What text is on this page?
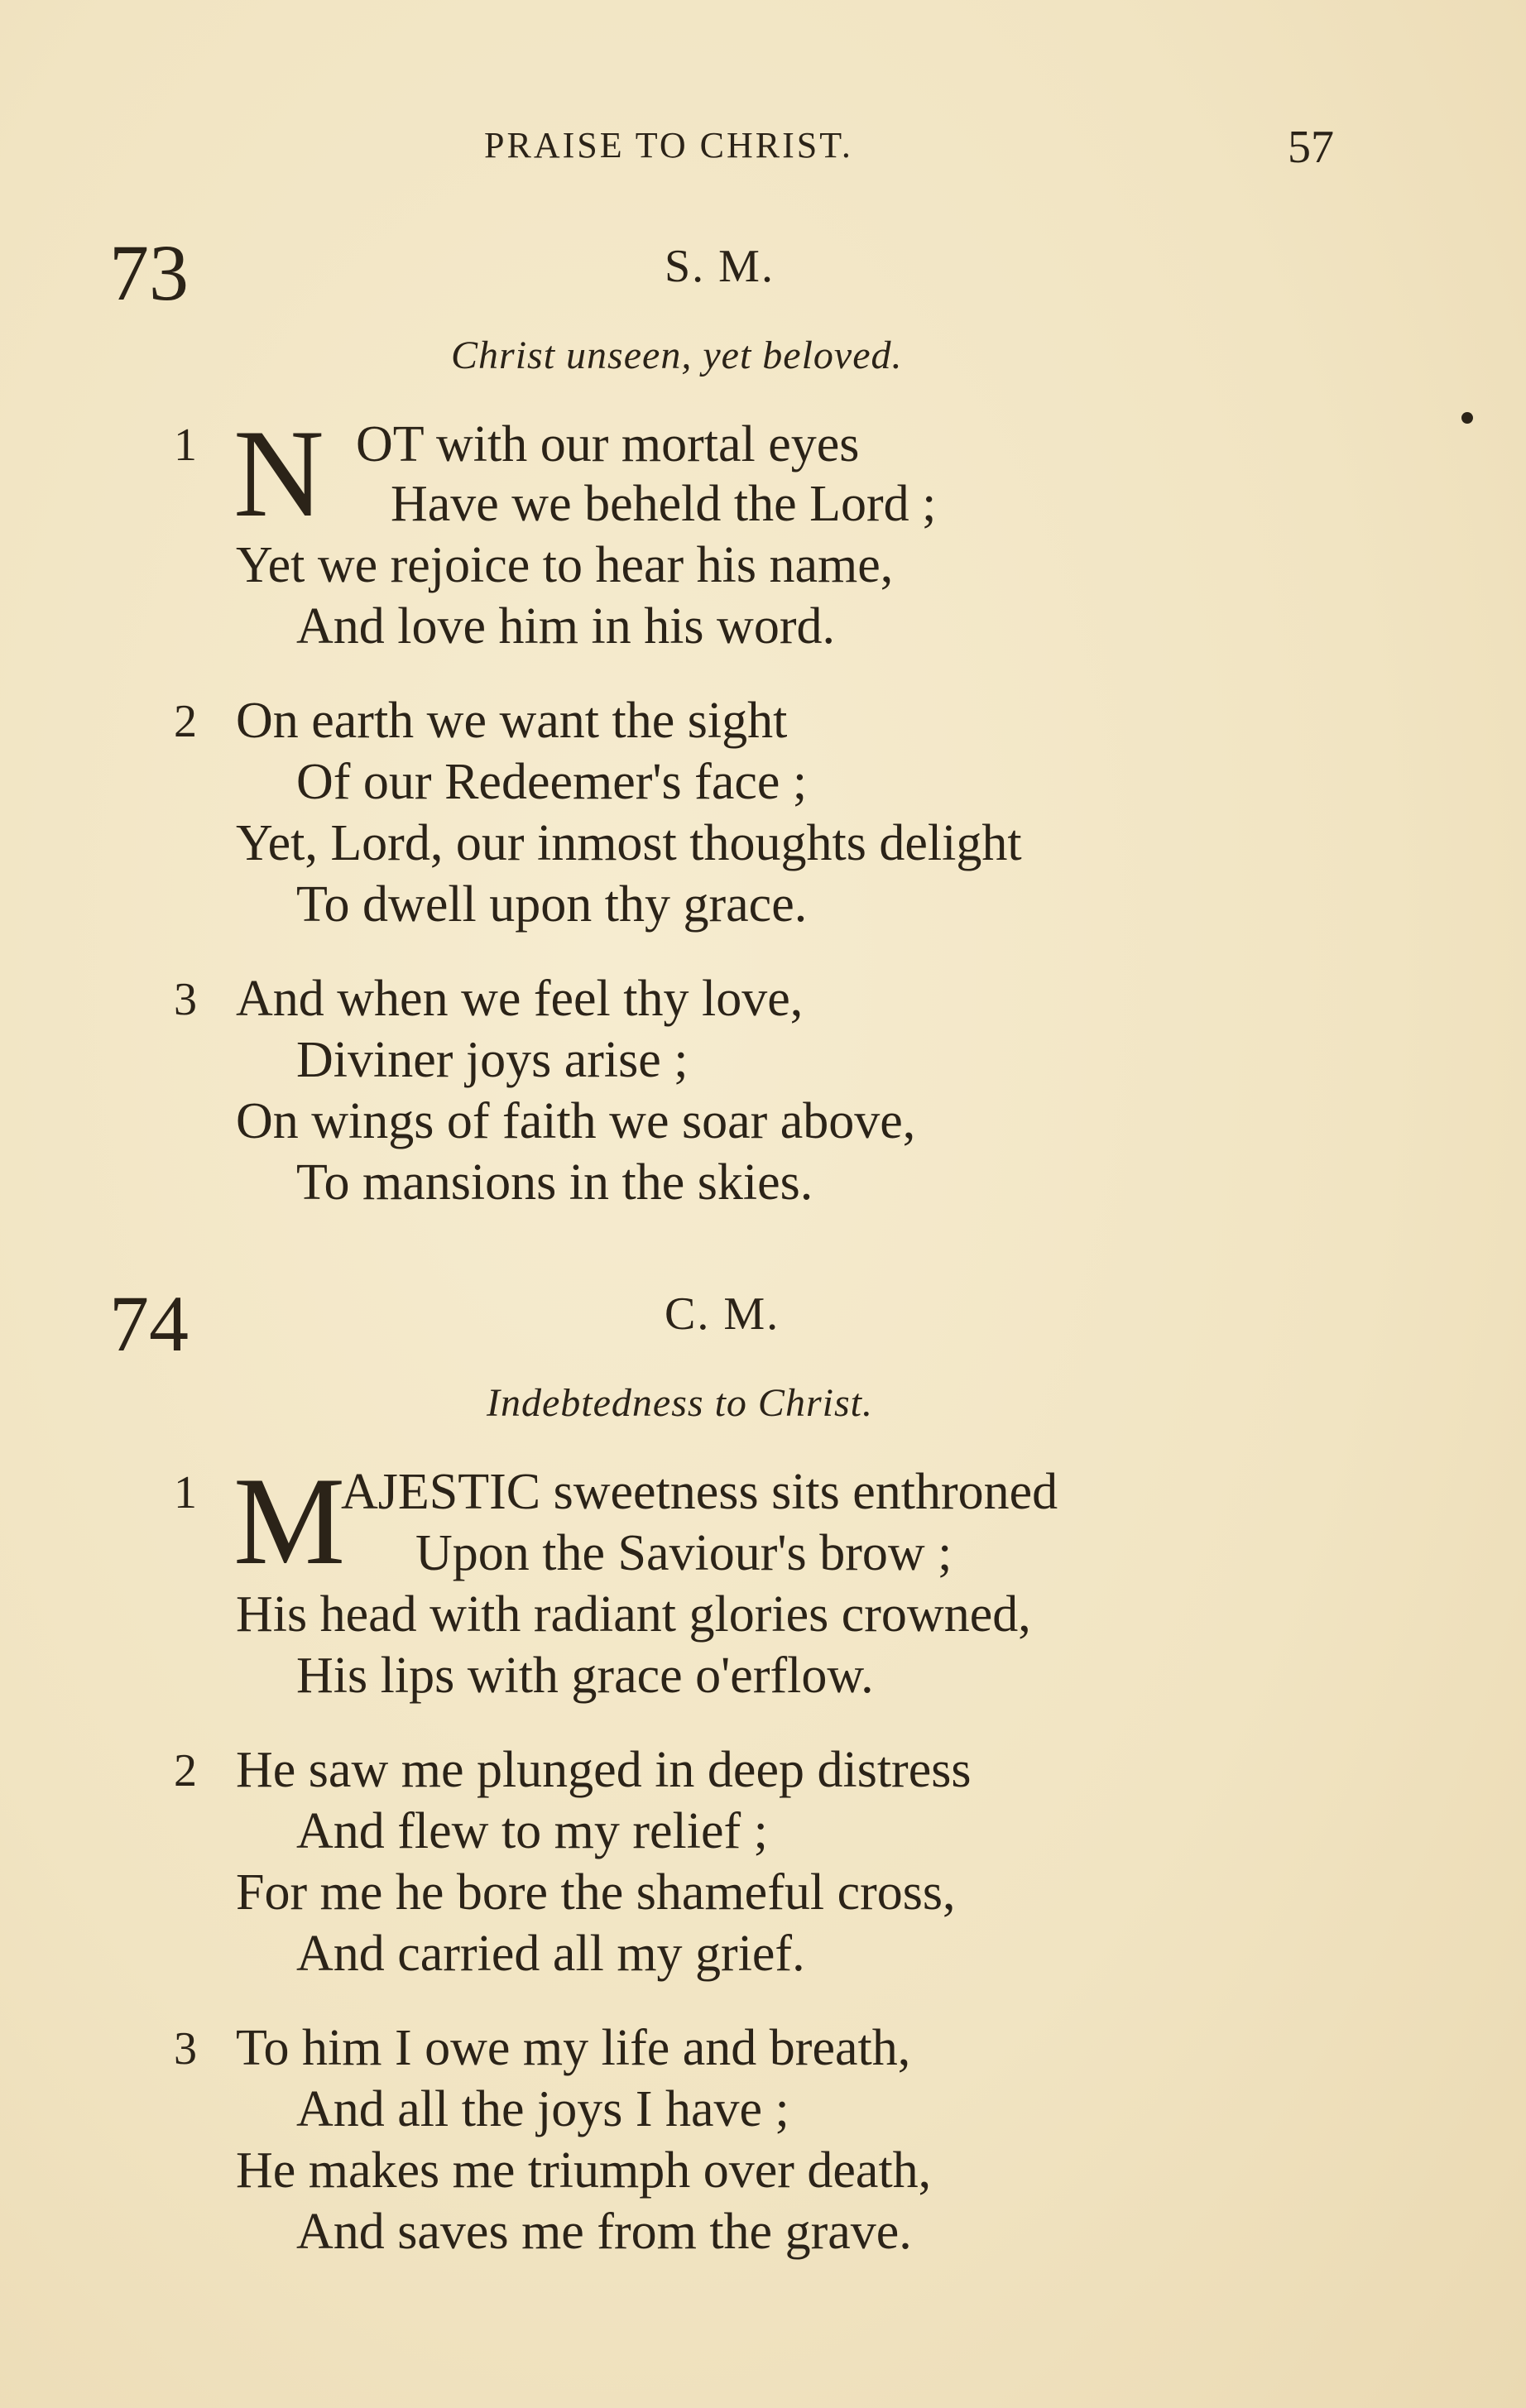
PRAISE TO CHRIST.	57
73	S. M.
Christ unseen, yet beloved.
1 N OT with our mortal eyes
Have we beheld the Lord ;
Yet we rejoice to hear his name,
And love him in his word.
2 On earth we want the sight
Of our Redeemer's face ;
Yet, Lord, our inmost thoughts delight
To dwell upon thy grace.
3 And when we feel thy love,
Diviner joys arise ;
On wings of faith we soar above,
To mansions in the skies.
74	C. M.
Indebtedness to Christ.
1 M
AJESTIC sweetness sits enthroned
Upon the Saviour's brow ;
His head with radiant glories crowned,
His lips with grace o'erflow.
2 He saw me plunged in deep distress
And flew to my relief ;
For me he bore the shameful cross,
And carried all my grief.
3 To him I owe my life and breath,
And all the joys I have ;
He makes me triumph over death,
And saves me from the grave.
